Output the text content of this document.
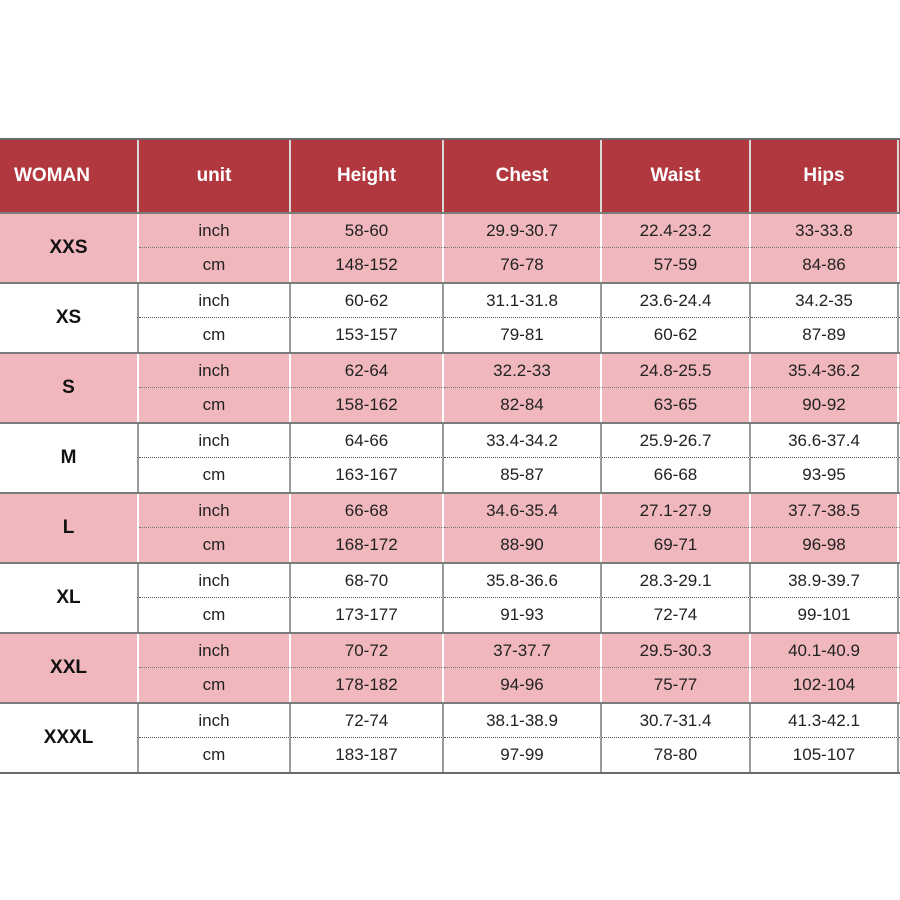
WOMAN	unit	Height	Chest	Waist	Hips
XXS
inch	58-60	29.9-30.7	22.4-23.2	33-33.8
cm	148-152	76-78	57-59	84-86
XS
inch	60-62	31.1-31.8	23.6-24.4	34.2-35
cm	153-157	79-81	60-62	87-89
S
inch	62-64	32.2-33	24.8-25.5	35.4-36.2
cm	158-162	82-84	63-65	90-92
M
inch	64-66	33.4-34.2	25.9-26.7	36.6-37.4
cm	163-167	85-87	66-68	93-95
L
inch	66-68	34.6-35.4	27.1-27.9	37.7-38.5
cm	168-172	88-90	69-71	96-98
XL
inch	68-70	35.8-36.6	28.3-29.1	38.9-39.7
cm	173-177	91-93	72-74	99-101
XXL
inch	70-72	37-37.7	29.5-30.3	40.1-40.9
cm	178-182	94-96	75-77	102-104
XXXL
inch	72-74	38.1-38.9	30.7-31.4	41.3-42.1
cm	183-187	97-99	78-80	105-107
